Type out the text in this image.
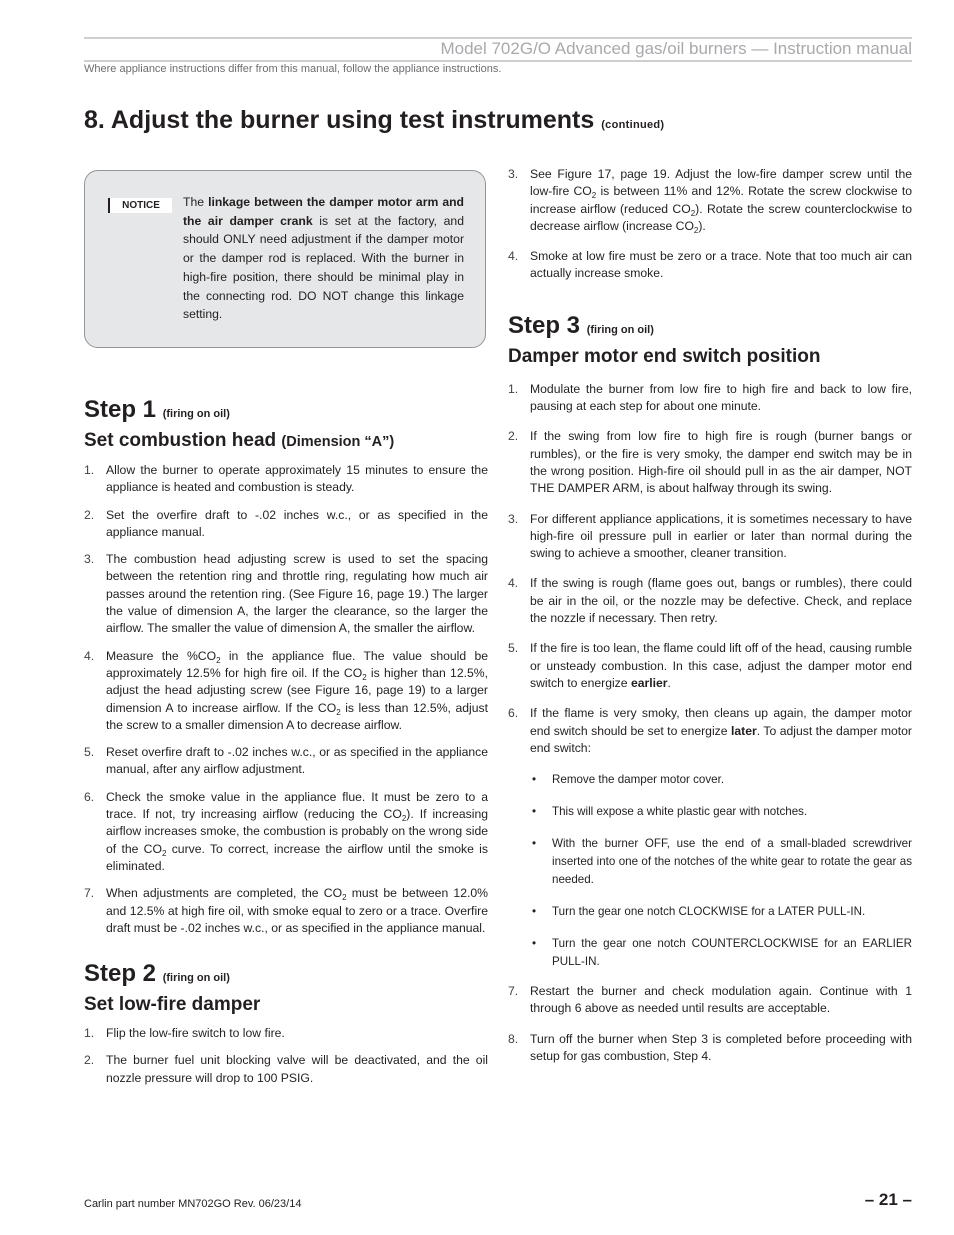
Model 702G/O Advanced gas/oil burners — Instruction manual
Where appliance instructions differ from this manual, follow the appliance instructions.
8. Adjust the burner using test instruments (continued)
NOTICE	The linkage between the damper motor arm and the air damper crank is set at the factory, and should ONLY need adjustment if the damper motor or the damper rod is replaced. With the burner in high-fire position, there should be minimal play in the connecting rod. DO NOT change this linkage setting.
Step 1 (firing on oil)
Set combustion head (Dimension “A”)
1. Allow the burner to operate approximately 15 minutes to ensure the appliance is heated and combustion is steady.
2. Set the overfire draft to -.02 inches w.c., or as specified in the appliance manual.
3. The combustion head adjusting screw is used to set the spacing between the retention ring and throttle ring, regulating how much air passes around the retention ring. (See Figure 16, page 19.) The larger the value of dimension A, the larger the clearance, so the larger the airflow. The smaller the value of dimension A, the smaller the airflow.
4. Measure the $\%CO_2$ in the appliance flue. The value should be approximately 12.5% for high fire oil. If the $CO_2$ is higher than 12.5%, adjust the head adjusting screw (see Figure 16, page 19) to a larger dimension A to increase airflow. If the $CO_2$ is less than 12.5%, adjust the screw to a smaller dimension A to decrease airflow.
5. Reset overfire draft to -.02 inches w.c., or as specified in the appliance manual, after any airflow adjustment.
6. Check the smoke value in the appliance flue. It must be zero to a trace. If not, try increasing airflow (reducing the $CO_2$). If increasing airflow increases smoke, the combustion is probably on the wrong side of the $CO_2$ curve. To correct, increase the airflow until the smoke is eliminated.
7. When adjustments are completed, the $CO_2$ must be between 12.0% and 12.5% at high fire oil, with smoke equal to zero or a trace. Overfire draft must be -.02 inches w.c., or as specified in the appliance manual.
Step 2 (firing on oil)
Set low-fire damper
1. Flip the low-fire switch to low fire.
2. The burner fuel unit blocking valve will be deactivated, and the oil nozzle pressure will drop to 100 PSIG.
3. See Figure 17, page 19. Adjust the low-fire damper screw until the low-fire $CO_2$ is between 11% and 12%. Rotate the screw clockwise to increase airflow (reduced $CO_2$). Rotate the screw counterclockwise to decrease airflow (increase $CO_2$).
4. Smoke at low fire must be zero or a trace. Note that too much air can actually increase smoke.
Step 3 (firing on oil)
Damper motor end switch position
1. Modulate the burner from low fire to high fire and back to low fire, pausing at each step for about one minute.
2. If the swing from low fire to high fire is rough (burner bangs or rumbles), or the fire is very smoky, the damper end switch may be in the wrong position. High-fire oil should pull in as the air damper, NOT THE DAMPER ARM, is about halfway through its swing.
3. For different appliance applications, it is sometimes necessary to have high-fire oil pressure pull in earlier or later than normal during the swing to achieve a smoother, cleaner transition.
4. If the swing is rough (flame goes out, bangs or rumbles), there could be air in the oil, or the nozzle may be defective. Check, and replace the nozzle if necessary. Then retry.
5. If the fire is too lean, the flame could lift off of the head, causing rumble or unsteady combustion. In this case, adjust the damper motor end switch to energize earlier.
6. If the flame is very smoky, then cleans up again, the damper motor end switch should be set to energize later. To adjust the damper motor end switch:
• Remove the damper motor cover.
• This will expose a white plastic gear with notches.
• With the burner OFF, use the end of a small-bladed screwdriver inserted into one of the notches of the white gear to rotate the gear as needed.
• Turn the gear one notch CLOCKWISE for a LATER PULL-IN.
• Turn the gear one notch COUNTERCLOCKWISE for an EARLIER PULL-IN.
7. Restart the burner and check modulation again. Continue with 1 through 6 above as needed until results are acceptable.
8. Turn off the burner when Step 3 is completed before proceeding with setup for gas combustion, Step 4.
Carlin part number MN702GO Rev. 06/23/14	– 21 –
